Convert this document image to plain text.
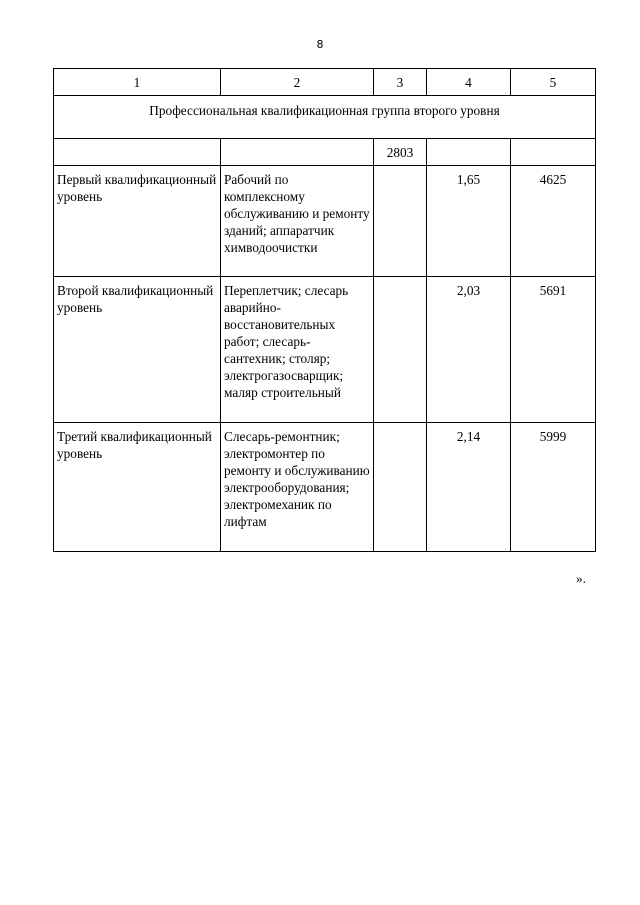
8
1	2	3	4	5
Профессиональная квалификационная группа второго уровня				
		2803		
Первый квалификационный уровень	Рабочий по комплексному обслуживанию и ремонту зданий; аппаратчик химводоочистки		1,65	4625
Второй квалификационный уровень	Переплетчик; слесарь аварийно-восстановительных работ; слесарь-сантехник; столяр; электрогазосварщик; маляр строительный		2,03	5691
Третий квалификационный уровень	Слесарь-ремонтник; электромонтер по ремонту и обслуживанию электрооборудования; электромеханик по лифтам		2,14	5999
».
